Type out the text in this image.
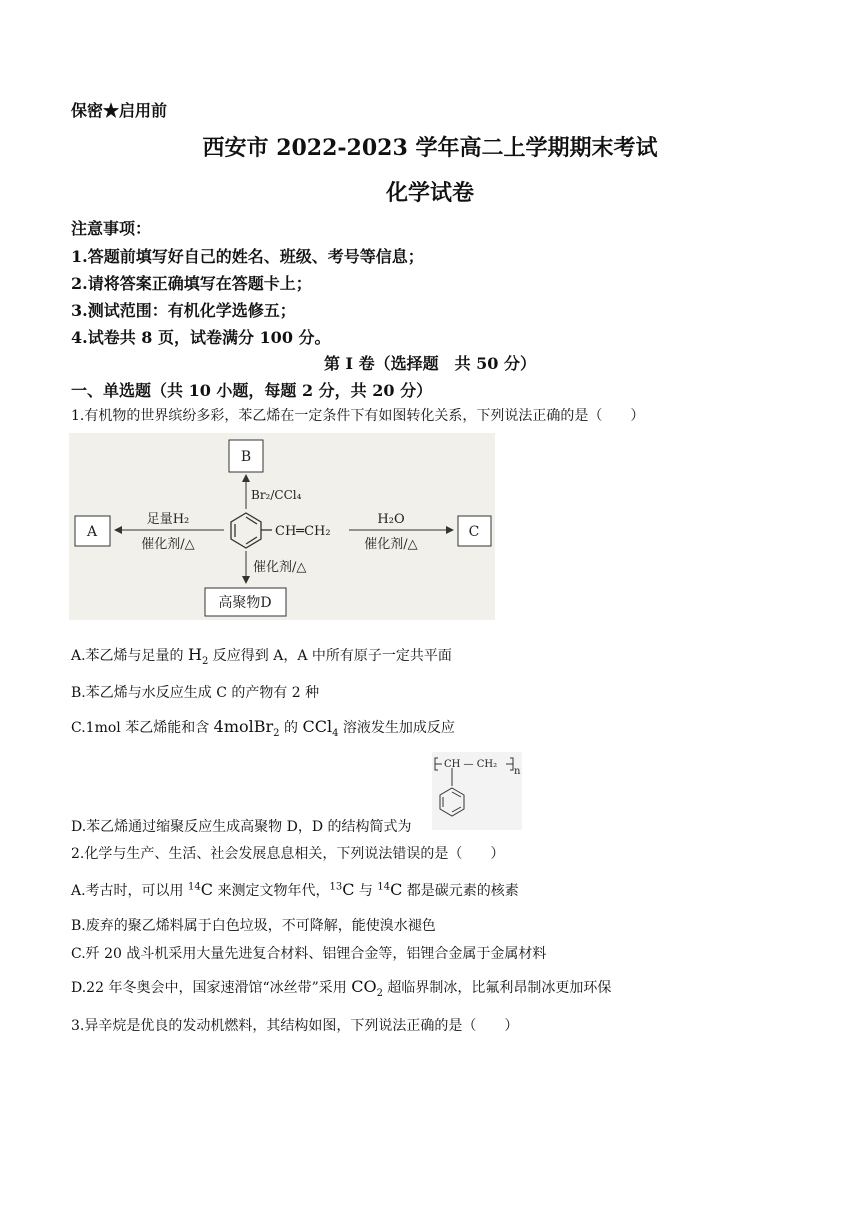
保密★启用前
西安市 2022-2023 学年高二上学期期末考试
化学试卷
注意事项：
1.答题前填写好自己的姓名、班级、考号等信息；
2.请将答案正确填写在答题卡上；
3.测试范围：有机化学选修五；
4.试卷共 8 页，试卷满分 100 分。
第 I 卷（选择题　共 50 分）
一、单选题（共 10 小题，每题 2 分，共 20 分）
1.有机物的世界缤纷多彩，苯乙烯在一定条件下有如图转化关系，下列说法正确的是（　　）
B
A	C
高聚物D
CH═CH₂
Br₂/CCl₄
足量H₂
催化剂/△
H₂O
催化剂/△
催化剂/△
A.苯乙烯与足量的 $H_2$ 反应得到 A，A 中所有原子一定共平面
B.苯乙烯与水反应生成 C 的产物有 2 种
C.1mol 苯乙烯能和含 4molBr$_2$ 的 CCl$_4$ 溶液发生加成反应
D.苯乙烯通过缩聚反应生成高聚物 D，D 的结构简式为
CH — CH₂
n
2.化学与生产、生活、社会发展息息相关，下列说法错误的是（　　）
A.考古时，可以用 $^{14}$C 来测定文物年代，$^{13}$C 与 $^{14}$C 都是碳元素的核素
B.废弃的聚乙烯料属于白色垃圾，不可降解，能使溴水褪色
C.歼 20 战斗机采用大量先进复合材料、铝锂合金等，铝锂合金属于金属材料
D.22 年冬奥会中，国家速滑馆“冰丝带”采用 $CO_2$ 超临界制冰，比氟利昂制冰更加环保
3.异辛烷是优良的发动机燃料，其结构如图，下列说法正确的是（　　）
